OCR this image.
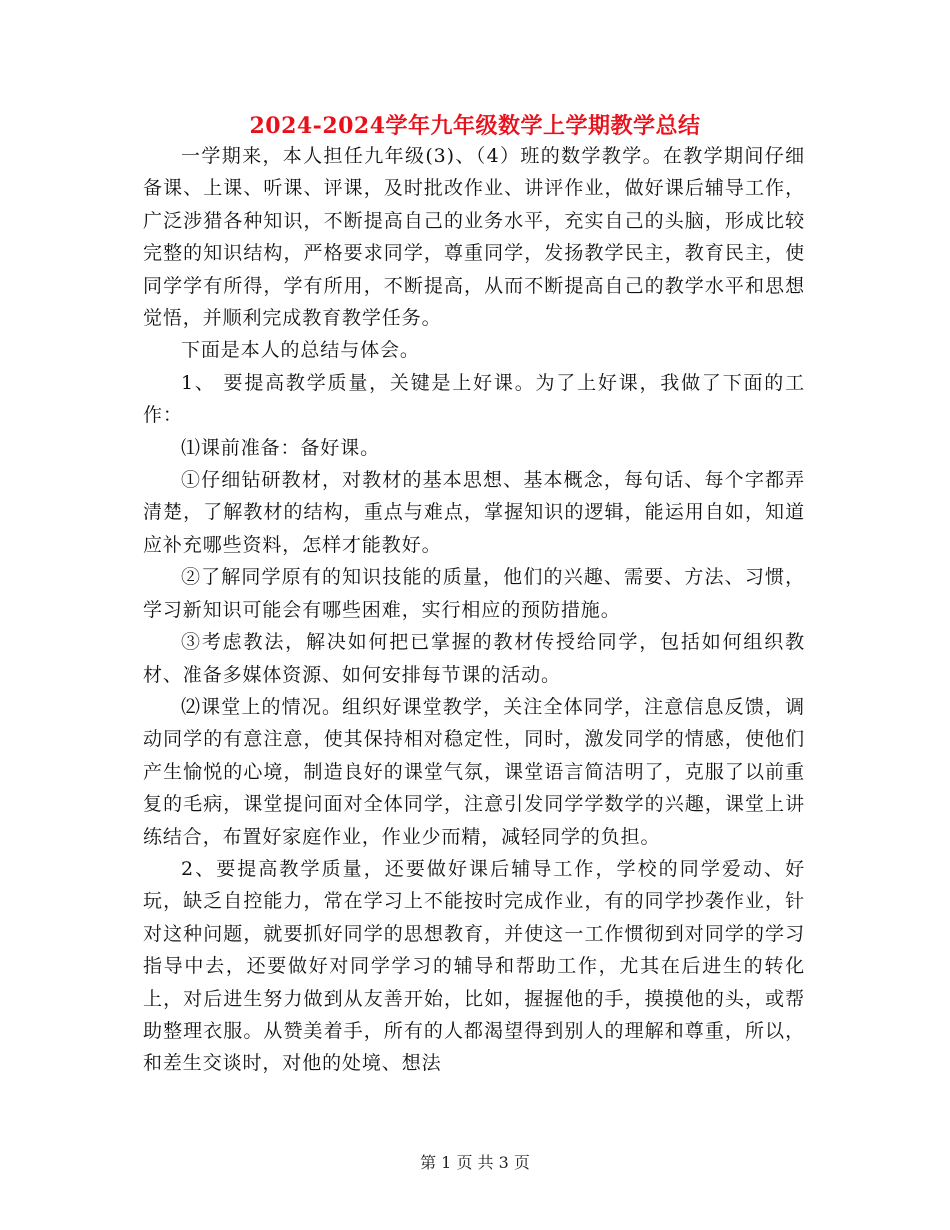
2024-2024学年九年级数学上学期教学总结

一学期来，本人担任九年级(3)、（4）班的数学教学。在教学期间仔细备课、上课、听课、评课，及时批改作业、讲评作业，做好课后辅导工作，广泛涉猎各种知识，不断提高自己的业务水平，充实自己的头脑，形成比较完整的知识结构，严格要求同学，尊重同学，发扬教学民主，教育民主，使同学学有所得，学有所用，不断提高，从而不断提高自己的教学水平和思想觉悟，并顺利完成教育教学任务。

下面是本人的总结与体会。

1、 要提高教学质量，关键是上好课。为了上好课，我做了下面的工作：

⑴课前准备：备好课。

①仔细钻研教材，对教材的基本思想、基本概念，每句话、每个字都弄清楚，了解教材的结构，重点与难点，掌握知识的逻辑，能运用自如，知道应补充哪些资料，怎样才能教好。

②了解同学原有的知识技能的质量，他们的兴趣、需要、方法、习惯，学习新知识可能会有哪些困难，实行相应的预防措施。

③考虑教法，解决如何把已掌握的教材传授给同学，包括如何组织教材、准备多媒体资源、如何安排每节课的活动。

⑵课堂上的情况。组织好课堂教学，关注全体同学，注意信息反馈，调动同学的有意注意，使其保持相对稳定性，同时，激发同学的情感，使他们产生愉悦的心境，制造良好的课堂气氛，课堂语言简洁明了，克服了以前重复的毛病，课堂提问面对全体同学，注意引发同学学数学的兴趣，课堂上讲练结合，布置好家庭作业，作业少而精，减轻同学的负担。

2、要提高教学质量，还要做好课后辅导工作，学校的同学爱动、好玩，缺乏自控能力，常在学习上不能按时完成作业，有的同学抄袭作业，针对这种问题，就要抓好同学的思想教育，并使这一工作惯彻到对同学的学习指导中去，还要做好对同学学习的辅导和帮助工作，尤其在后进生的转化上，对后进生努力做到从友善开始，比如，握握他的手，摸摸他的头，或帮助整理衣服。从赞美着手，所有的人都渴望得到别人的理解和尊重，所以，和差生交谈时，对他的处境、想法

第 1 页 共 3 页
